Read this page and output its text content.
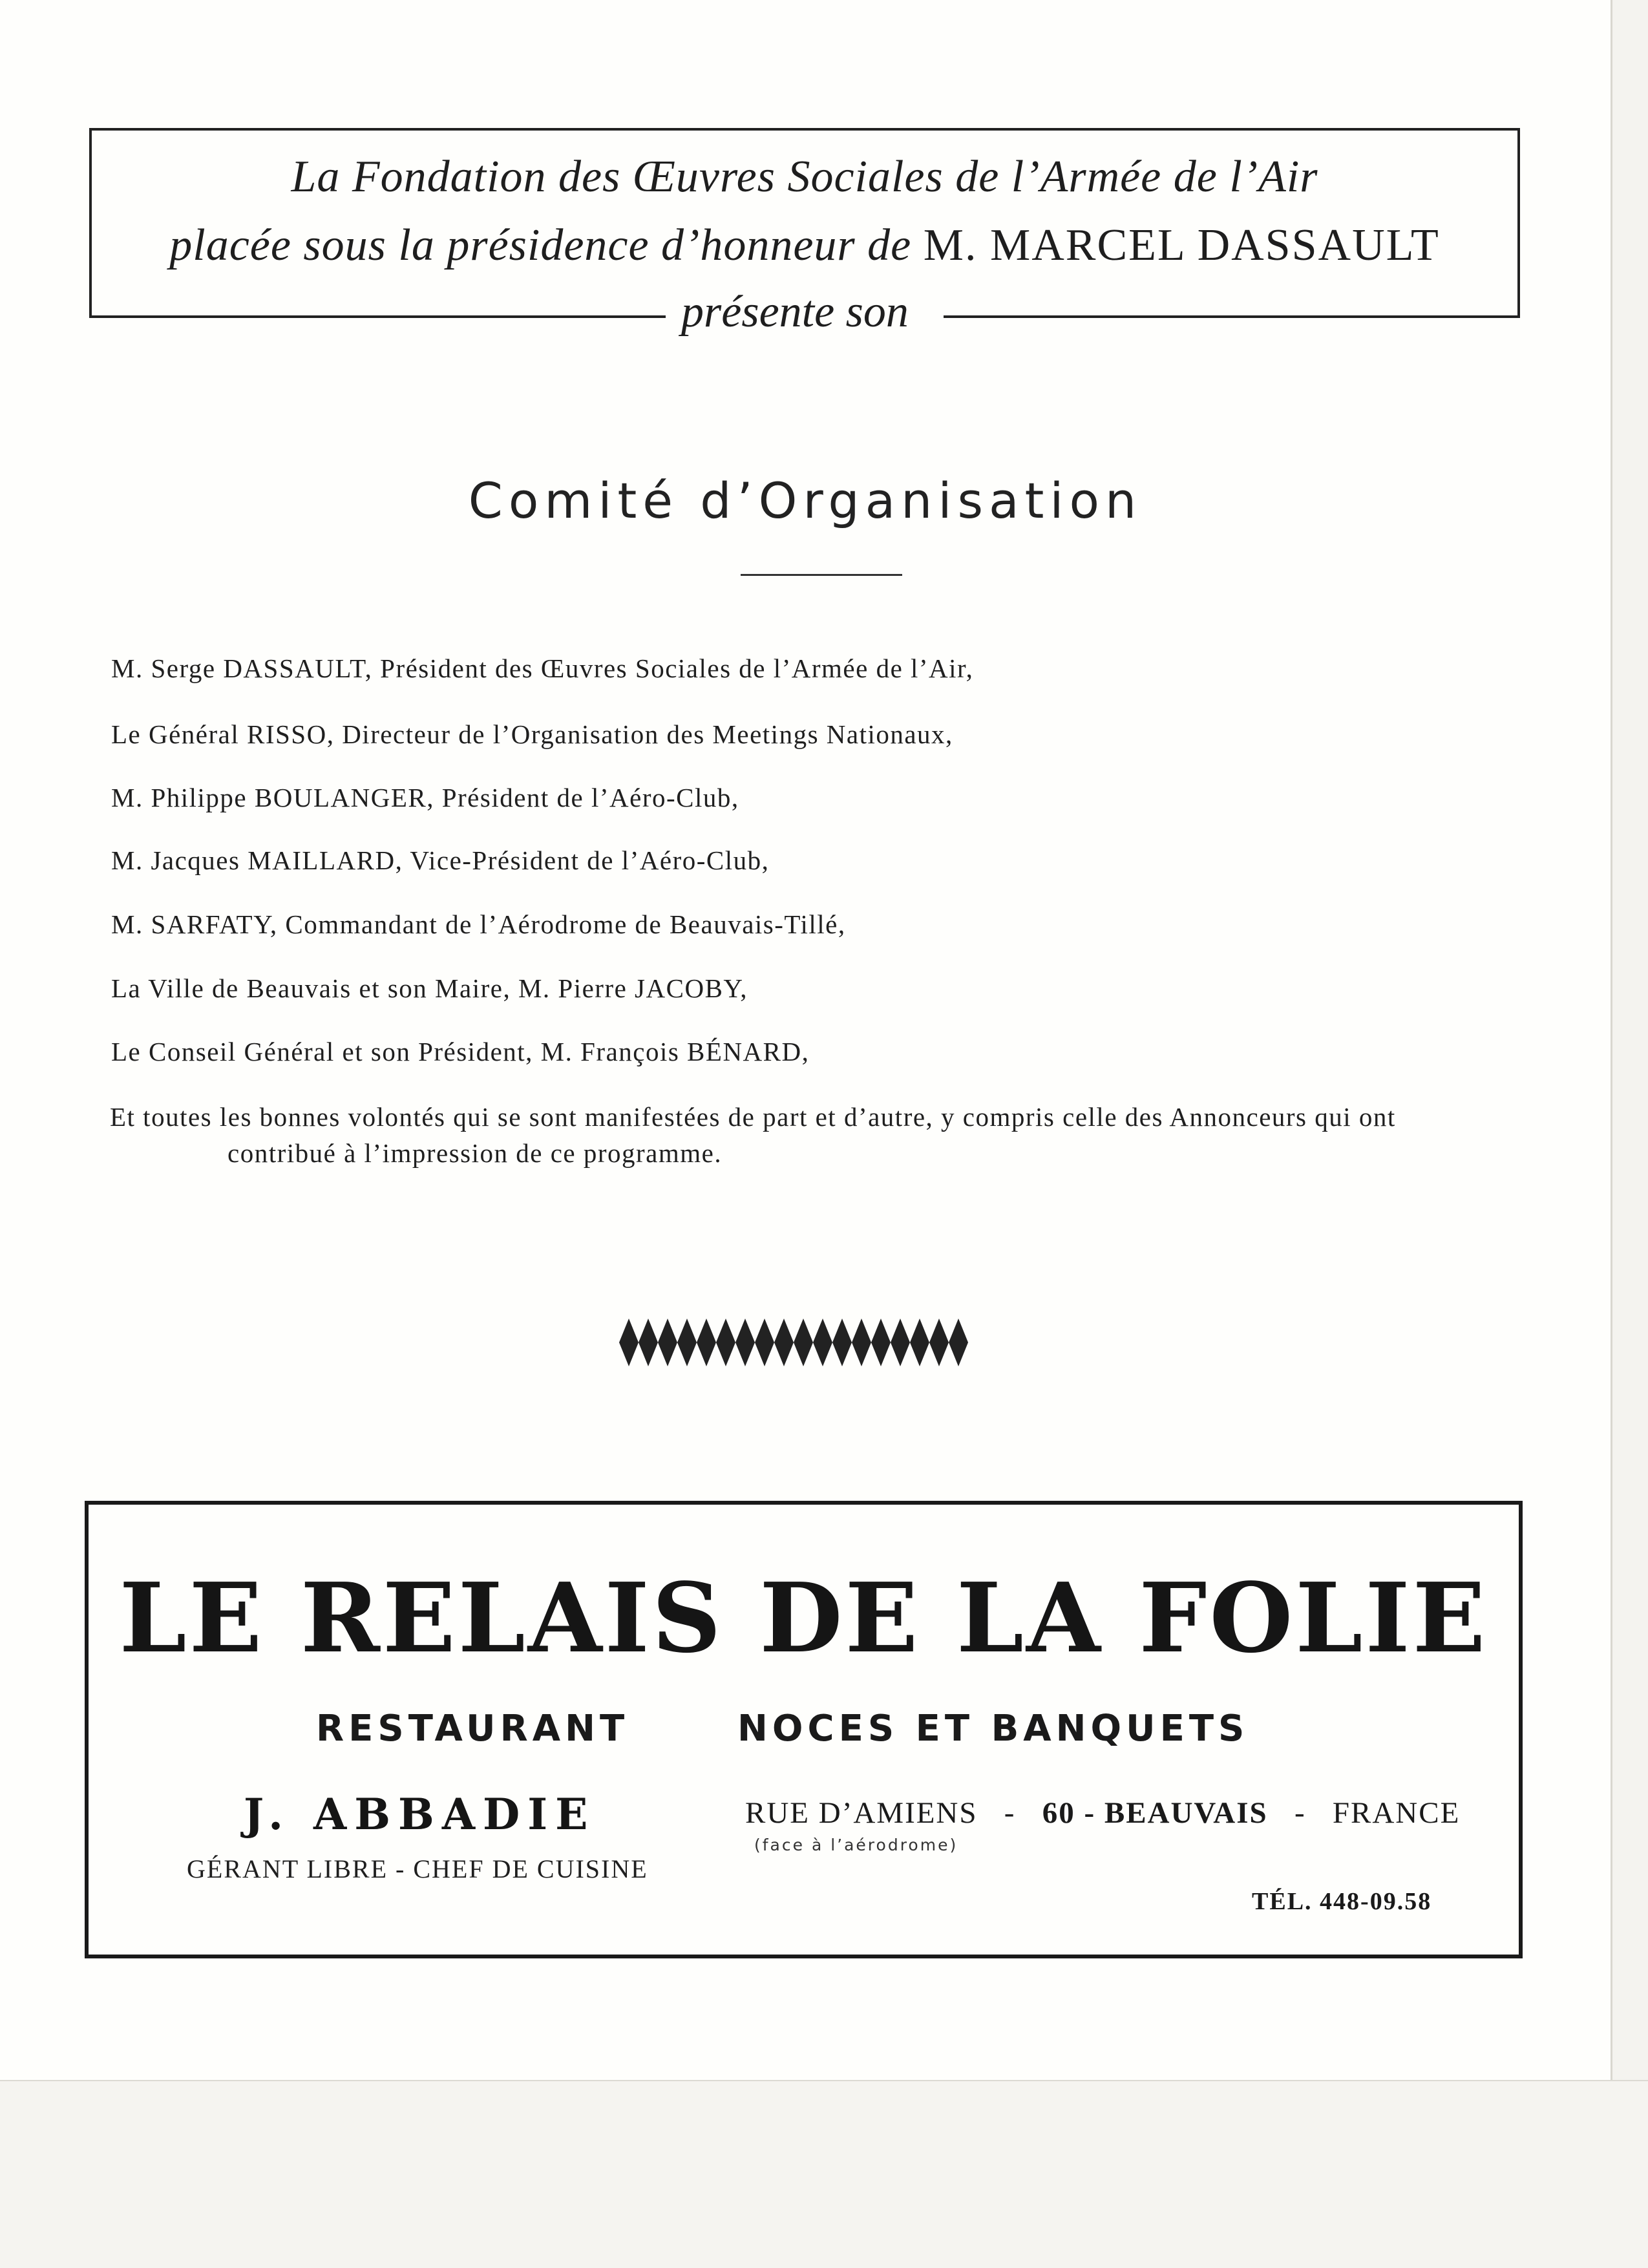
La Fondation des Œuvres Sociales de l’Armée de l’Air
placée sous la présidence d’honneur de M. MARCEL DASSAULT
présente son
Comité d’Organisation
M. Serge DASSAULT, Président des Œuvres Sociales de l’Armée de l’Air,
Le Général RISSO, Directeur de l’Organisation des Meetings Nationaux,
M. Philippe BOULANGER, Président de l’Aéro-Club,
M. Jacques MAILLARD, Vice-Président de l’Aéro-Club,
M. SARFATY, Commandant de l’Aérodrome de Beauvais-Tillé,
La Ville de Beauvais et son Maire, M. Pierre JACOBY,
Le Conseil Général et son Président, M. François BÉNARD,
Et toutes les bonnes volontés qui se sont manifestées de part et d’autre, y compris celle des Annonceurs qui ont
contribué à l’impression de ce programme.
LE RELAIS DE LA FOLIE
RESTAURANT	NOCES ET BANQUETS
J. ABBADIE
GÉRANT LIBRE - CHEF DE CUISINE
RUE D’AMIENS   -   60 - BEAUVAIS   -   FRANCE
(face à l’aérodrome)
TÉL. 448-09.58
